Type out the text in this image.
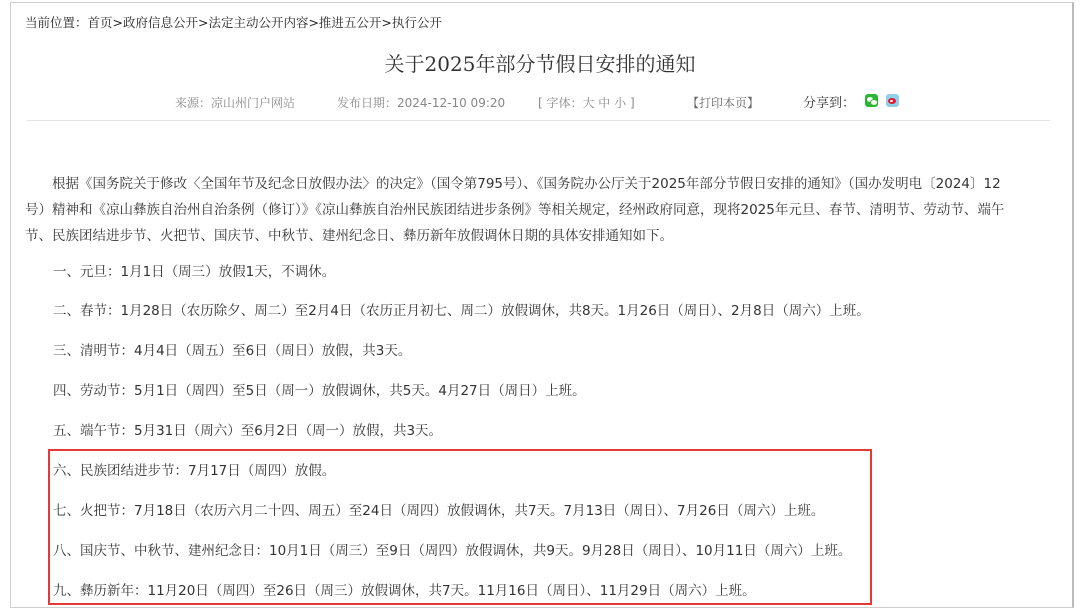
当前位置：首页>政府信息公开>法定主动公开内容>推进五公开>执行公开
关于2025年部分节假日安排的通知
来源：凉山州门户网站	发布日期：2024-12-10 09:20	[ 字体：大 中 小 ]	【打印本页】	分享到：
　　根据《国务院关于修改〈全国年节及纪念日放假办法〉的决定》（国令第795号）、《国务院办公厅关于2025年部分节假日安排的通知》（国办发明电〔2024〕12
号）精神和《凉山彝族自治州自治条例（修订）》《凉山彝族自治州民族团结进步条例》等相关规定，经州政府同意，现将2025年元旦、春节、清明节、劳动节、端午
节、民族团结进步节、火把节、国庆节、中秋节、建州纪念日、彝历新年放假调休日期的具体安排通知如下。
一、元旦：1月1日（周三）放假1天，不调休。
二、春节：1月28日（农历除夕、周二）至2月4日（农历正月初七、周二）放假调休，共8天。1月26日（周日）、2月8日（周六）上班。
三、清明节：4月4日（周五）至6日（周日）放假，共3天。
四、劳动节：5月1日（周四）至5日（周一）放假调休，共5天。4月27日（周日）上班。
五、端午节：5月31日（周六）至6月2日（周一）放假，共3天。
六、民族团结进步节：7月17日（周四）放假。
七、火把节：7月18日（农历六月二十四、周五）至24日（周四）放假调休，共7天。7月13日（周日）、7月26日（周六）上班。
八、国庆节、中秋节、建州纪念日：10月1日（周三）至9日（周四）放假调休，共9天。9月28日（周日）、10月11日（周六）上班。
九、彝历新年：11月20日（周四）至26日（周三）放假调休，共7天。11月16日（周日）、11月29日（周六）上班。
